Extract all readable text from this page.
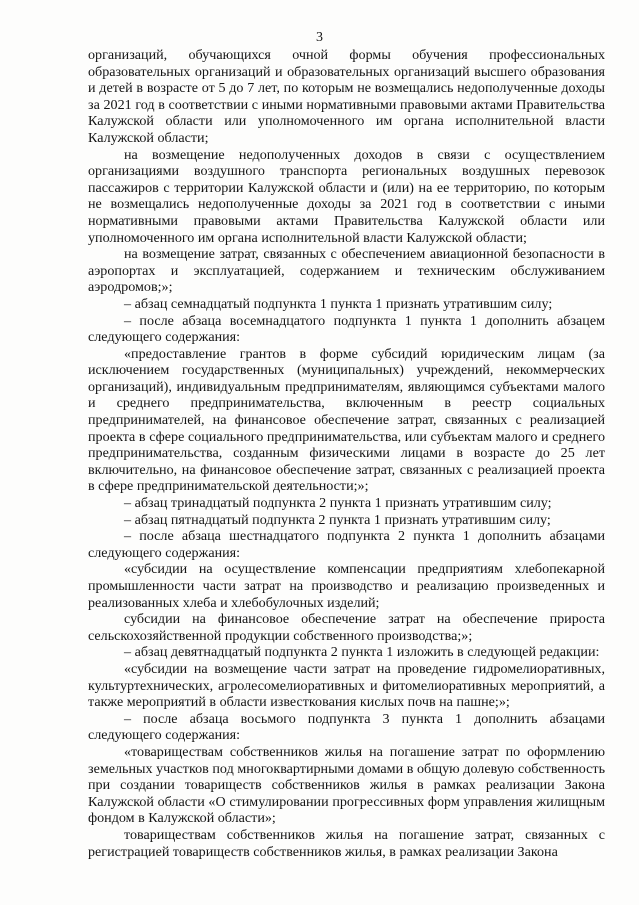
3

организаций, обучающихся очной формы обучения профессиональных образовательных организаций и образовательных организаций высшего образования и детей в возрасте от 5 до 7 лет, по которым не возмещались недополученные доходы за 2021 год в соответствии с иными нормативными правовыми актами Правительства Калужской области или уполномоченного им органа исполнительной власти Калужской области;

на возмещение недополученных доходов в связи с осуществлением организациями воздушного транспорта региональных воздушных перевозок пассажиров с территории Калужской области и (или) на ее территорию, по которым не возмещались недополученные доходы за 2021 год в соответствии с иными нормативными правовыми актами Правительства Калужской области или уполномоченного им органа исполнительной власти Калужской области;

на возмещение затрат, связанных с обеспечением авиационной безопасности в аэропортах и эксплуатацией, содержанием и техническим обслуживанием аэродромов;»;

– абзац семнадцатый подпункта 1 пункта 1 признать утратившим силу;

– после абзаца восемнадцатого подпункта 1 пункта 1 дополнить абзацем следующего содержания:

«предоставление грантов в форме субсидий юридическим лицам (за исключением государственных (муниципальных) учреждений, некоммерческих организаций), индивидуальным предпринимателям, являющимся субъектами малого и среднего предпринимательства, включенным в реестр социальных предпринимателей, на финансовое обеспечение затрат, связанных с реализацией проекта в сфере социального предпринимательства, или субъектам малого и среднего предпринимательства, созданным физическими лицами в возрасте до 25 лет включительно, на финансовое обеспечение затрат, связанных с реализацией проекта в сфере предпринимательской деятельности;»;

– абзац тринадцатый подпункта 2 пункта 1 признать утратившим силу;

– абзац пятнадцатый подпункта 2 пункта 1 признать утратившим силу;

– после абзаца шестнадцатого подпункта 2 пункта 1 дополнить абзацами следующего содержания:

«субсидии на осуществление компенсации предприятиям хлебопекарной промышленности части затрат на производство и реализацию произведенных и реализованных хлеба и хлебобулочных изделий;

субсидии на финансовое обеспечение затрат на обеспечение прироста сельскохозяйственной продукции собственного производства;»;

– абзац девятнадцатый подпункта 2 пункта 1 изложить в следующей редакции:

«субсидии на возмещение части затрат на проведение гидромелиоративных, культуртехнических, агролесомелиоративных и фитомелиоративных мероприятий, а также мероприятий в области известкования кислых почв на пашне;»;

– после абзаца восьмого подпункта 3 пункта 1 дополнить абзацами следующего содержания:

«товариществам собственников жилья на погашение затрат по оформлению земельных участков под многоквартирными домами в общую долевую собственность при создании товариществ собственников жилья в рамках реализации Закона Калужской области «О стимулировании прогрессивных форм управления жилищным фондом в Калужской области»;

товариществам собственников жилья на погашение затрат, связанных с регистрацией товариществ собственников жилья, в рамках реализации Закона
